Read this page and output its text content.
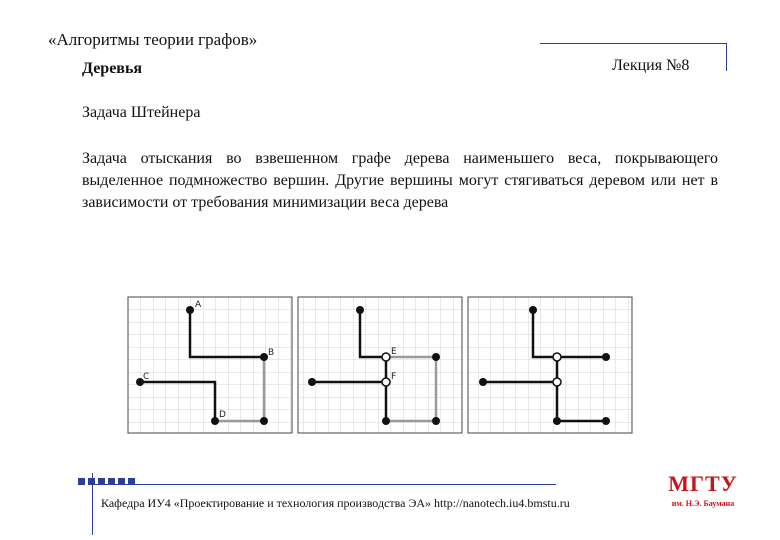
«Алгоритмы теории графов»
Деревья	Лекция №8
Задача Штейнера
Задача отыскания во взвешенном графе дерева наименьшего веса, покрывающего выделенное подмножество вершин. Другие вершины могут стягиваться деревом или нет в зависимости от требования минимизации веса дерева
A
B
C
D
E
F
Кафедра ИУ4 «Проектирование и технология производства ЭА» http://nanotech.iu4.bmstu.ru
МГТУ
им. Н.Э. Баумана
